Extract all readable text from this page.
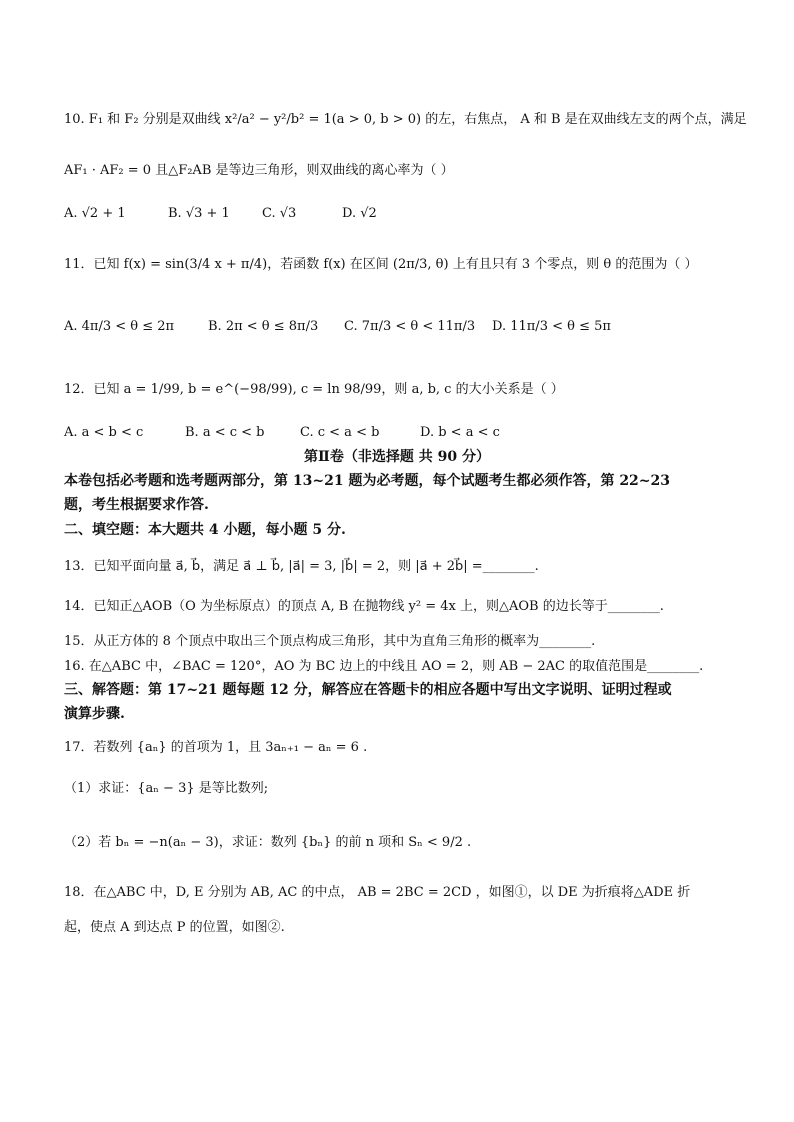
10. F₁ 和 F₂ 分别是双曲线 x²/a² − y²/b² = 1(a > 0, b > 0) 的左，右焦点， A 和 B 是在双曲线左支的两个点，满足
AF₁ · AF₂ = 0 且△F₂AB 是等边三角形，则双曲线的离心率为（ ）
A. √2 + 1	B. √3 + 1 C. √3	D. √2
11．已知 f(x) = sin(3/4 x + π/4)，若函数 f(x) 在区间 (2π/3, θ) 上有且只有 3 个零点，则 θ 的范围为（ ）
A. 4π/3 < θ ≤ 2π	B. 2π < θ ≤ 8π/3 C. 7π/3 < θ < 11π/3 D. 11π/3 < θ ≤ 5π
12．已知 a = 1/99, b = e^(−98/99), c = ln 98/99，则 a, b, c 的大小关系是（ ）
A. a < b < c	B. a < c < b	C. c < a < b	D. b < a < c
第Ⅱ卷（非选择题 共 90 分）
本卷包括必考题和选考题两部分，第 13~21 题为必考题，每个试题考生都必须作答，第 22~23
题，考生根据要求作答.
二、填空题：本大题共 4 小题，每小题 5 分.
13．已知平面向量 a⃗, b⃗，满足 a⃗ ⊥ b⃗, |a⃗| = 3, |b⃗| = 2，则 |a⃗ + 2b⃗| =________.
14．已知正△AOB（O 为坐标原点）的顶点 A, B 在抛物线 y² = 4x 上，则△AOB 的边长等于________.
15．从正方体的 8 个顶点中取出三个顶点构成三角形，其中为直角三角形的概率为________.
16. 在△ABC 中，∠BAC = 120°，AO 为 BC 边上的中线且 AO = 2，则 AB − 2AC 的取值范围是________.
三、解答题：第 17~21 题每题 12 分，解答应在答题卡的相应各题中写出文字说明、证明过程或
演算步骤.
17．若数列 {aₙ} 的首项为 1，且 3aₙ₊₁ − aₙ = 6 .
（1）求证：{aₙ − 3} 是等比数列;
（2）若 bₙ = −n(aₙ − 3)，求证：数列 {bₙ} 的前 n 项和 Sₙ < 9/2 .
18．在△ABC 中，D, E 分别为 AB, AC 的中点， AB = 2BC = 2CD ，如图①，以 DE 为折痕将△ADE 折
起，使点 A 到达点 P 的位置，如图②.
